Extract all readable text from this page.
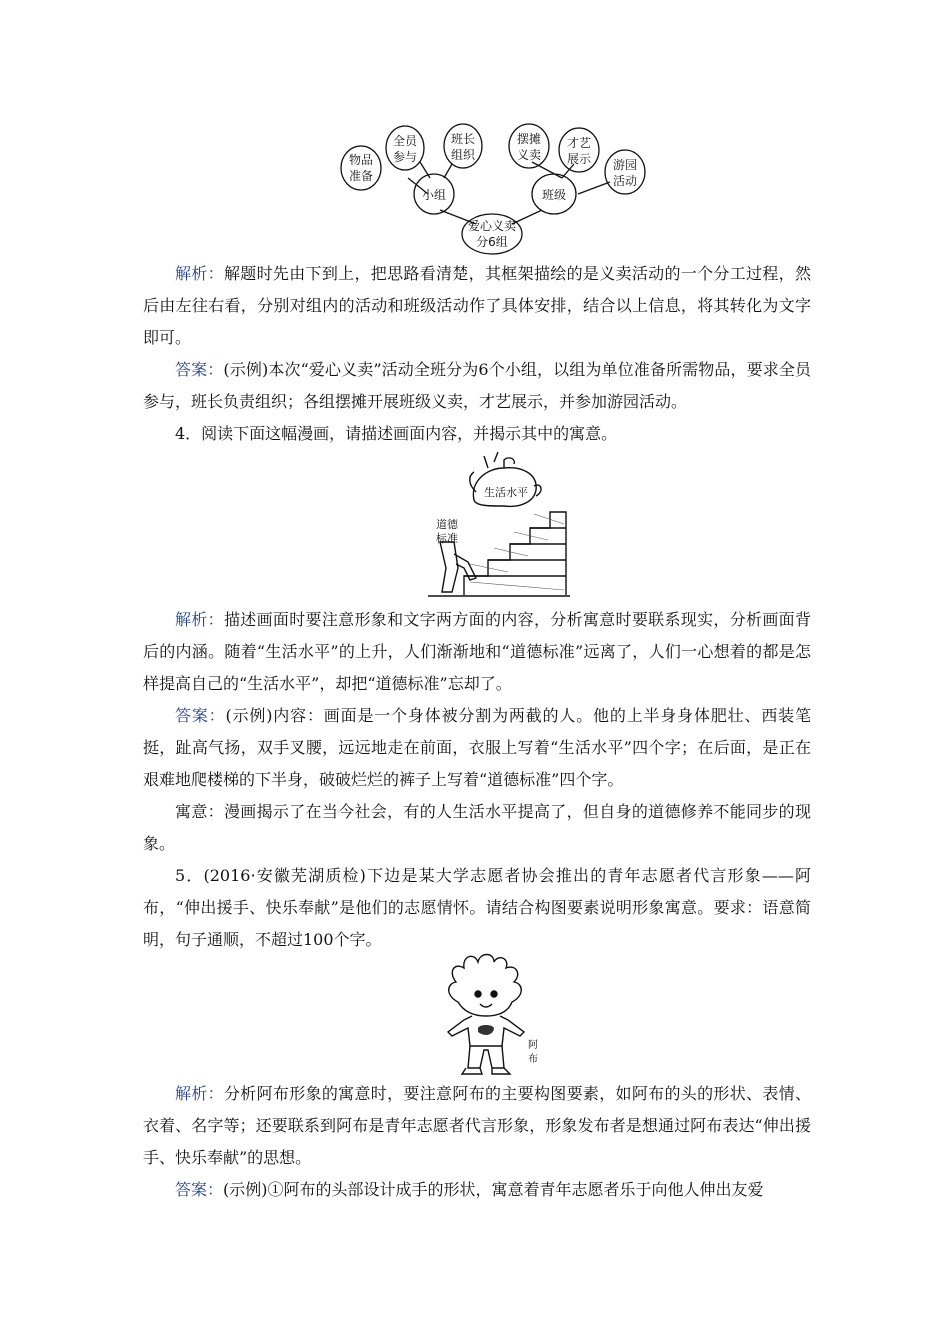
物品
准备
全员
参与
班长
组织
小组
爱心义卖
分6组
班级
摆摊
义卖
才艺
展示 游园
活动

解析：解题时先由下到上，把思路看清楚，其框架描绘的是义卖活动的一个分工过程，然后由左往右看，分别对组内的活动和班级活动作了具体安排，结合以上信息，将其转化为文字即可。

答案：(示例)本次“爱心义卖”活动全班分为6个小组，以组为单位准备所需物品，要求全员参与，班长负责组织；各组摆摊开展班级义卖，才艺展示，并参加游园活动。

4．阅读下面这幅漫画，请描述画面内容，并揭示其中的寓意。

生活水平
道德
标准

解析：描述画面时要注意形象和文字两方面的内容，分析寓意时要联系现实，分析画面背后的内涵。随着“生活水平”的上升，人们渐渐地和“道德标准”远离了，人们一心想着的都是怎样提高自己的“生活水平”，却把“道德标准”忘却了。

答案：(示例)内容：画面是一个身体被分割为两截的人。他的上半身身体肥壮、西装笔挺，趾高气扬，双手叉腰，远远地走在前面，衣服上写着“生活水平”四个字；在后面，是正在艰难地爬楼梯的下半身，破破烂烂的裤子上写着“道德标准”四个字。

寓意：漫画揭示了在当今社会，有的人生活水平提高了，但自身的道德修养不能同步的现象。

5．(2016·安徽芜湖质检)下边是某大学志愿者协会推出的青年志愿者代言形象——阿布，“伸出援手、快乐奉献”是他们的志愿情怀。请结合构图要素说明形象寓意。要求：语意简明，句子通顺，不超过100个字。

阿
布

解析：分析阿布形象的寓意时，要注意阿布的主要构图要素，如阿布的头的形状、表情、衣着、名字等；还要联系到阿布是青年志愿者代言形象，形象发布者是想通过阿布表达“伸出援手、快乐奉献”的思想。

答案：(示例)①阿布的头部设计成手的形状，寓意着青年志愿者乐于向他人伸出友爱
